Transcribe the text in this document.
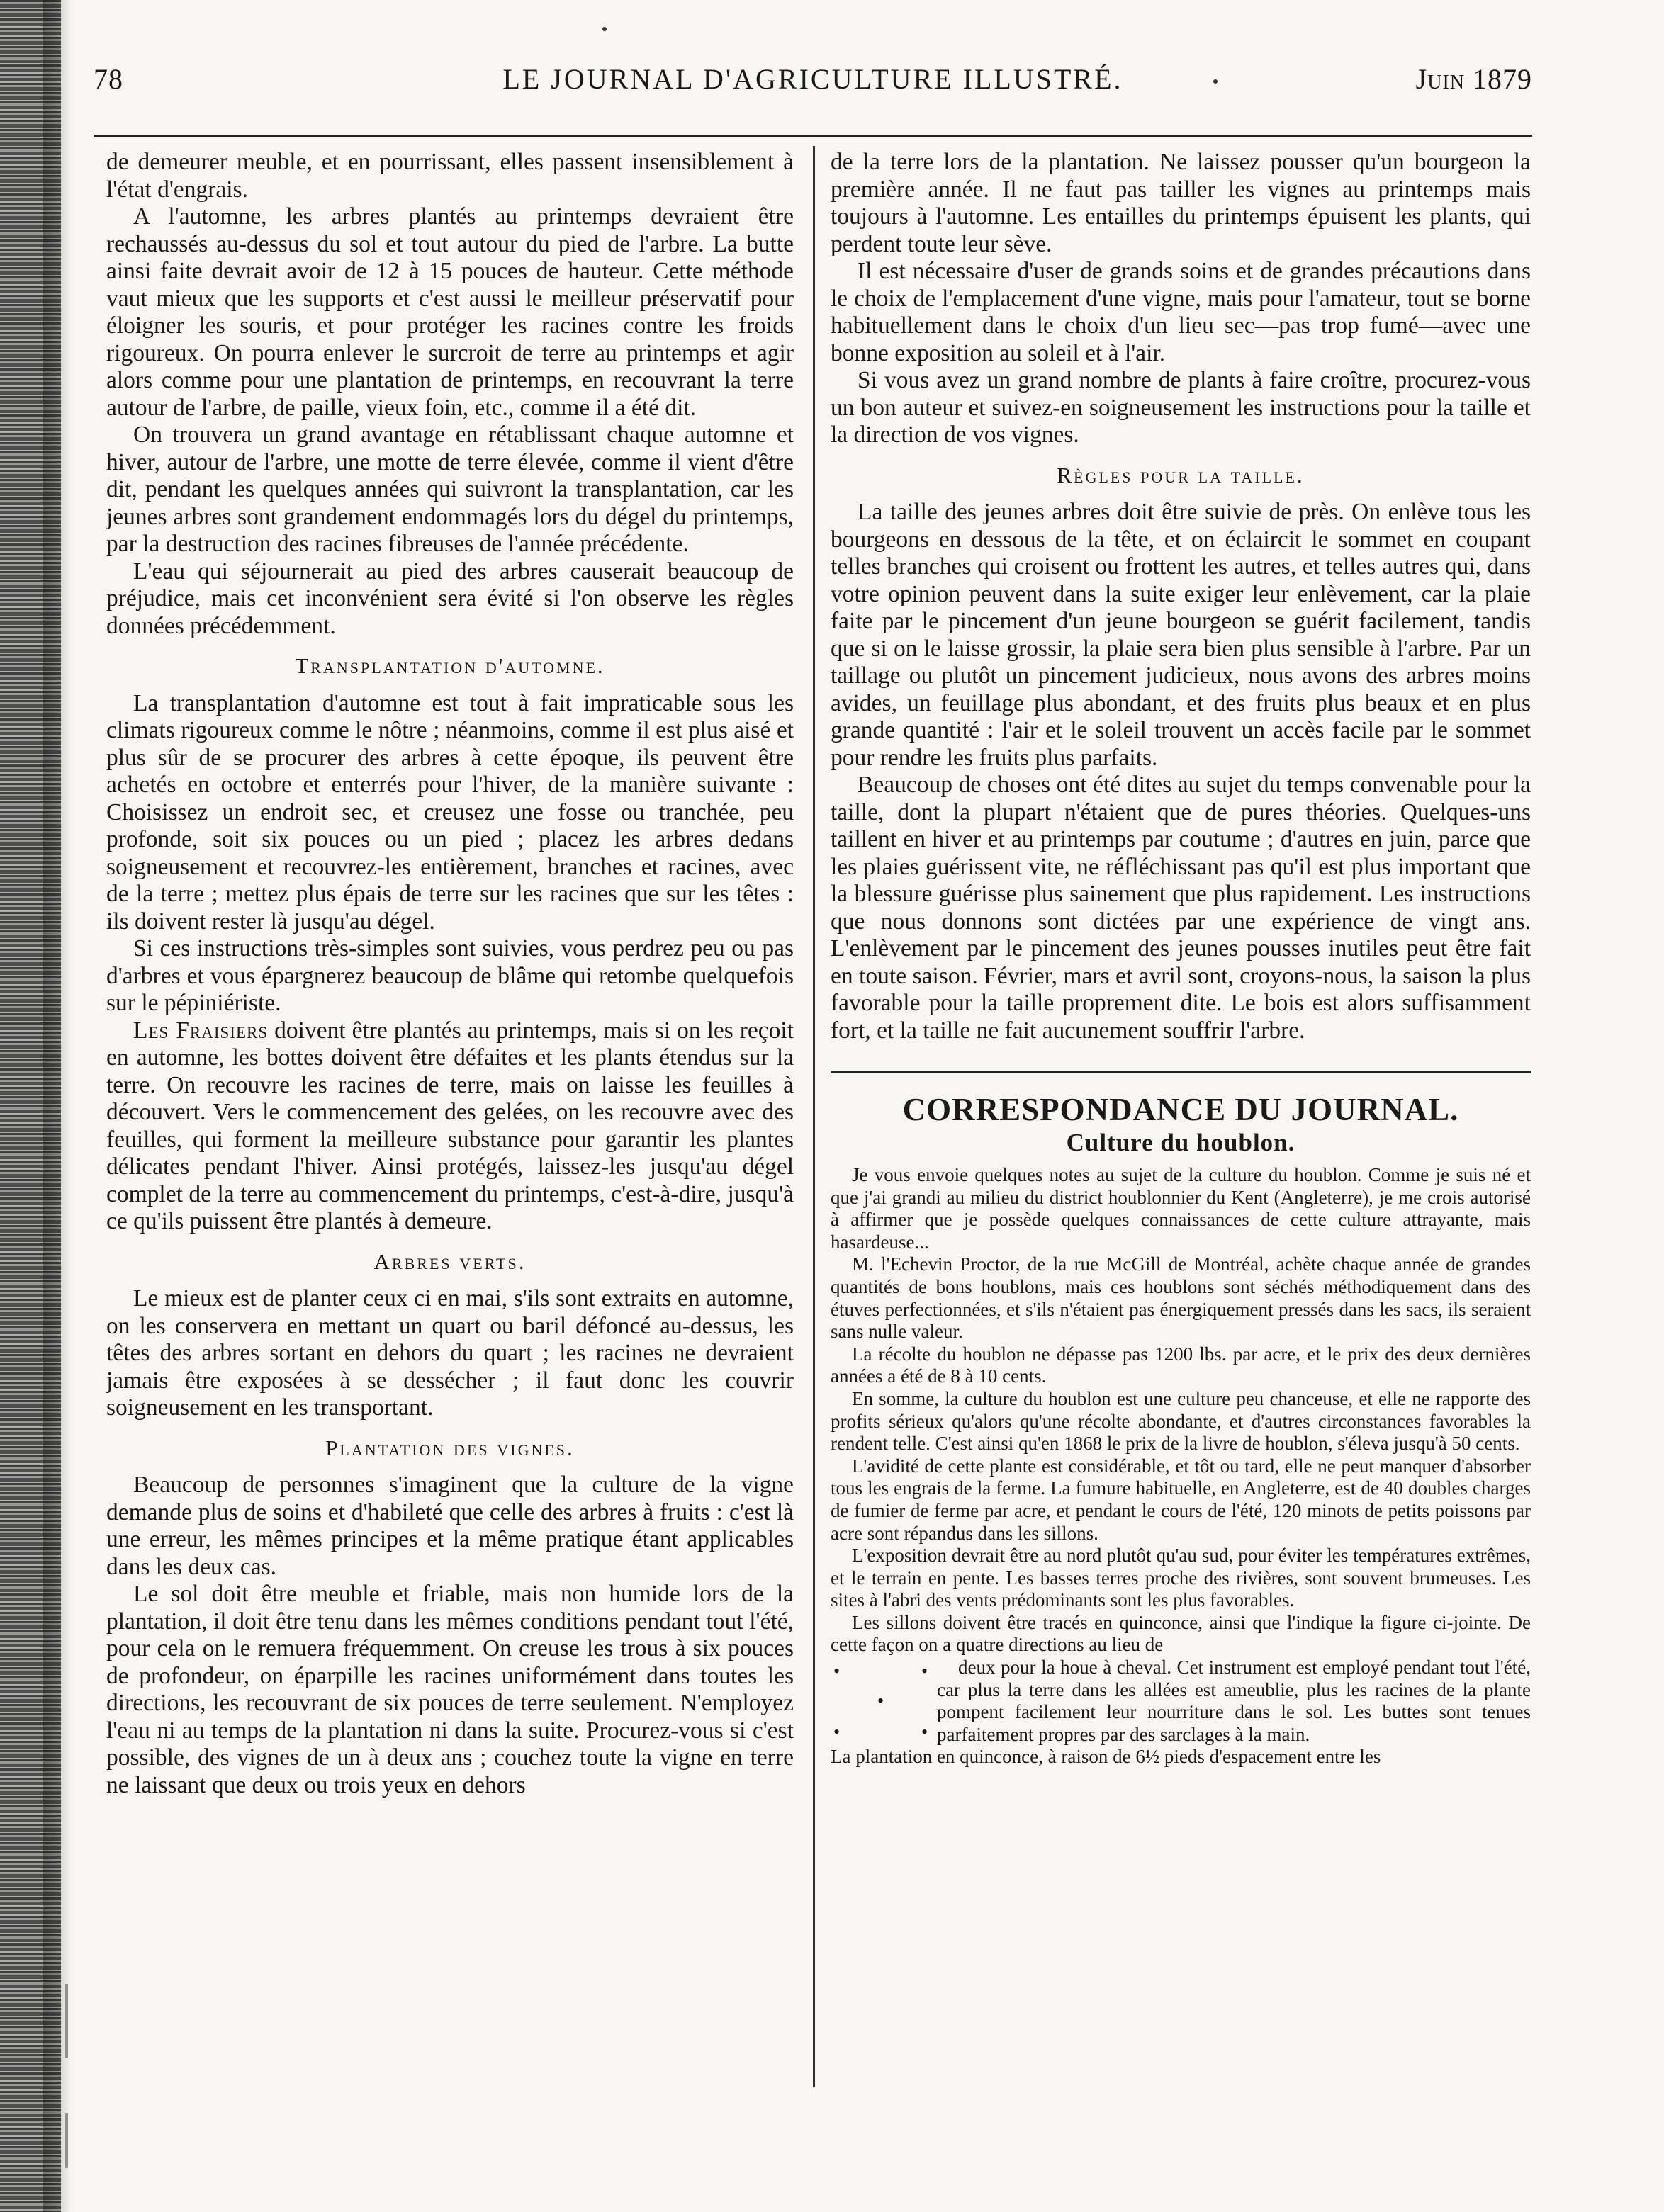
78	LE JOURNAL D'AGRICULTURE ILLUSTRÉ.	Juin 1879

de demeurer meuble, et en pourrissant, elles passent insensiblement à l'état d'engrais.

A l'automne, les arbres plantés au printemps devraient être rechaussés au-dessus du sol et tout autour du pied de l'arbre. La butte ainsi faite devrait avoir de 12 à 15 pouces de hauteur. Cette méthode vaut mieux que les supports et c'est aussi le meilleur préservatif pour éloigner les souris, et pour protéger les racines contre les froids rigoureux. On pourra enlever le surcroit de terre au printemps et agir alors comme pour une plantation de printemps, en recouvrant la terre autour de l'arbre, de paille, vieux foin, etc., comme il a été dit.

On trouvera un grand avantage en rétablissant chaque automne et hiver, autour de l'arbre, une motte de terre élevée, comme il vient d'être dit, pendant les quelques années qui suivront la transplantation, car les jeunes arbres sont grandement endommagés lors du dégel du printemps, par la destruction des racines fibreuses de l'année précédente.

L'eau qui séjournerait au pied des arbres causerait beaucoup de préjudice, mais cet inconvénient sera évité si l'on observe les règles données précédemment.

Transplantation d'automne.

La transplantation d'automne est tout à fait impraticable sous les climats rigoureux comme le nôtre ; néanmoins, comme il est plus aisé et plus sûr de se procurer des arbres à cette époque, ils peuvent être achetés en octobre et enterrés pour l'hiver, de la manière suivante : Choisissez un endroit sec, et creusez une fosse ou tranchée, peu profonde, soit six pouces ou un pied ; placez les arbres dedans soigneusement et recouvrez-les entièrement, branches et racines, avec de la terre ; mettez plus épais de terre sur les racines que sur les têtes : ils doivent rester là jusqu'au dégel.

Si ces instructions très-simples sont suivies, vous perdrez peu ou pas d'arbres et vous épargnerez beaucoup de blâme qui retombe quelquefois sur le pépiniériste.

Les Fraisiers doivent être plantés au printemps, mais si on les reçoit en automne, les bottes doivent être défaites et les plants étendus sur la terre. On recouvre les racines de terre, mais on laisse les feuilles à découvert. Vers le commencement des gelées, on les recouvre avec des feuilles, qui forment la meilleure substance pour garantir les plantes délicates pendant l'hiver. Ainsi protégés, laissez-les jusqu'au dégel complet de la terre au commencement du printemps, c'est-à-dire, jusqu'à ce qu'ils puissent être plantés à demeure.

Arbres verts.

Le mieux est de planter ceux ci en mai, s'ils sont extraits en automne, on les conservera en mettant un quart ou baril défoncé au-dessus, les têtes des arbres sortant en dehors du quart ; les racines ne devraient jamais être exposées à se dessécher ; il faut donc les couvrir soigneusement en les transportant.

Plantation des vignes.

Beaucoup de personnes s'imaginent que la culture de la vigne demande plus de soins et d'habileté que celle des arbres à fruits : c'est là une erreur, les mêmes principes et la même pratique étant applicables dans les deux cas.

Le sol doit être meuble et friable, mais non humide lors de la plantation, il doit être tenu dans les mêmes conditions pendant tout l'été, pour cela on le remuera fréquemment. On creuse les trous à six pouces de profondeur, on éparpille les racines uniformément dans toutes les directions, les recouvrant de six pouces de terre seulement. N'employez l'eau ni au temps de la plantation ni dans la suite. Procurez-vous si c'est possible, des vignes de un à deux ans ; couchez toute la vigne en terre ne laissant que deux ou trois yeux en dehors

de la terre lors de la plantation. Ne laissez pousser qu'un bourgeon la première année. Il ne faut pas tailler les vignes au printemps mais toujours à l'automne. Les entailles du printemps épuisent les plants, qui perdent toute leur sève.

Il est nécessaire d'user de grands soins et de grandes précautions dans le choix de l'emplacement d'une vigne, mais pour l'amateur, tout se borne habituellement dans le choix d'un lieu sec—pas trop fumé—avec une bonne exposition au soleil et à l'air.

Si vous avez un grand nombre de plants à faire croître, procurez-vous un bon auteur et suivez-en soigneusement les instructions pour la taille et la direction de vos vignes.

Règles pour la taille.

La taille des jeunes arbres doit être suivie de près. On enlève tous les bourgeons en dessous de la tête, et on éclaircit le sommet en coupant telles branches qui croisent ou frottent les autres, et telles autres qui, dans votre opinion peuvent dans la suite exiger leur enlèvement, car la plaie faite par le pincement d'un jeune bourgeon se guérit facilement, tandis que si on le laisse grossir, la plaie sera bien plus sensible à l'arbre. Par un taillage ou plutôt un pincement judicieux, nous avons des arbres moins avides, un feuillage plus abondant, et des fruits plus beaux et en plus grande quantité : l'air et le soleil trouvent un accès facile par le sommet pour rendre les fruits plus parfaits.

Beaucoup de choses ont été dites au sujet du temps convenable pour la taille, dont la plupart n'étaient que de pures théories. Quelques-uns taillent en hiver et au printemps par coutume ; d'autres en juin, parce que les plaies guérissent vite, ne réfléchissant pas qu'il est plus important que la blessure guérisse plus sainement que plus rapidement. Les instructions que nous donnons sont dictées par une expérience de vingt ans. L'enlèvement par le pincement des jeunes pousses inutiles peut être fait en toute saison. Février, mars et avril sont, croyons-nous, la saison la plus favorable pour la taille proprement dite. Le bois est alors suffisamment fort, et la taille ne fait aucunement souffrir l'arbre.

CORRESPONDANCE DU JOURNAL.
Culture du houblon.

Je vous envoie quelques notes au sujet de la culture du houblon. Comme je suis né et que j'ai grandi au milieu du district houblonnier du Kent (Angleterre), je me crois autorisé à affirmer que je possède quelques connaissances de cette culture attrayante, mais hasardeuse...

M. l'Echevin Proctor, de la rue McGill de Montréal, achète chaque année de grandes quantités de bons houblons, mais ces houblons sont séchés méthodiquement dans des étuves perfectionnées, et s'ils n'étaient pas énergiquement pressés dans les sacs, ils seraient sans nulle valeur.

La récolte du houblon ne dépasse pas 1200 lbs. par acre, et le prix des deux dernières années a été de 8 à 10 cents.

En somme, la culture du houblon est une culture peu chanceuse, et elle ne rapporte des profits sérieux qu'alors qu'une récolte abondante, et d'autres circonstances favorables la rendent telle. C'est ainsi qu'en 1868 le prix de la livre de houblon, s'éleva jusqu'à 50 cents.

L'avidité de cette plante est considérable, et tôt ou tard, elle ne peut manquer d'absorber tous les engrais de la ferme. La fumure habituelle, en Angleterre, est de 40 doubles charges de fumier de ferme par acre, et pendant le cours de l'été, 120 minots de petits poissons par acre sont répandus dans les sillons.

L'exposition devrait être au nord plutôt qu'au sud, pour éviter les températures extrêmes, et le terrain en pente. Les basses terres proche des rivières, sont souvent brumeuses. Les sites à l'abri des vents prédominants sont les plus favorables.

Les sillons doivent être tracés en quinconce, ainsi que l'indique la figure ci-jointe. De cette façon on a quatre directions au lieu de

•	•
•
•	•

deux pour la houe à cheval. Cet instrument est employé pendant tout l'été, car plus la terre dans les allées est ameublie, plus les racines de la plante pompent facilement leur nourriture dans le sol. Les buttes sont tenues parfaitement propres par des sarclages à la main.

La plantation en quinconce, à raison de 6½ pieds d'espacement entre les
